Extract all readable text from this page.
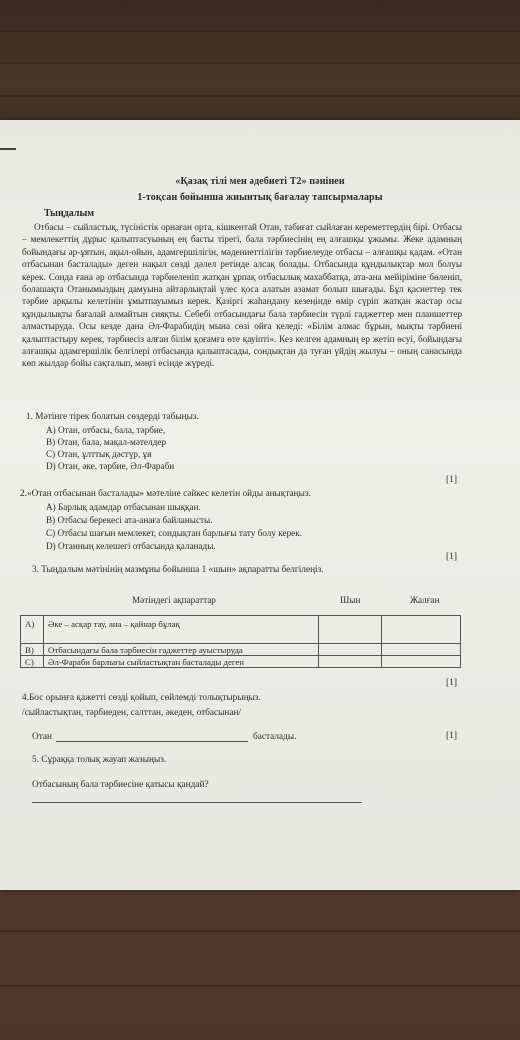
«Қазақ тілі мен әдебиеті Т2» пәнінен
1-тоқсан бойынша жиынтық бағалау тапсырмалары
Тыңдалым

Отбасы – сыйластық, түсіністік орнаған орта, кішкентай Отан, табиғат сыйлаған кереметтердің бірі. Отбасы – мемлекеттің дұрыс қалыптасуының ең басты тірегі, бала тәрбиесінің ең алғашқы ұжымы. Жеке адамның бойындағы ар-ұятын, ақыл-ойын, адамгершілігін, мәдениеттілігін тәрбиелеуде отбасы – алғашқы қадам. «Отан отбасынан басталады» деген нақыл сөзді дәлел ретінде алсақ болады. Отбасында құндылықтар мол болуы керек. Сонда ғана әр отбасында тәрбиеленіп жатқан ұрпақ отбасылық махаббатқа, ата-ана мейіріміне бөленіп, болашақта Отанымыздың дамуына айтарлықтай үлес қоса алатын азамат болып шығады. Бұл қасиеттер тек тәрбие арқылы келетінін ұмытпауымыз керек. Қазіргі жаһандану кезеңінде өмір сүріп жатқан жастар осы құндылықты бағалай алмайтын сияқты. Себебі отбасындағы бала тәрбиесін түрлі гаджеттер мен планшеттер алмастыруда. Осы кезде дана Әл-Фарабидің мына сөзі ойға келеді: «Білім алмас бұрын, мықты тәрбиені қалыптастыру керек, тәрбиесіз алған білім қоғамға өте қауіпті». Кез келген адамның ер жетіп өсуі, бойындағы алғашқы адамгершілік белгілері отбасында қалыптасады, сондықтан да туған үйдің жылуы – оның санасында көп жылдар бойы сақталып, мәңгі есінде жүреді.

1. Мәтінге тірек болатын сөздерді табыңыз.
A) Отан, отбасы, бала, тәрбие,
B) Отан, бала, мақал-мәтелдер
C) Отан, ұлттық дәстүр, ұя
D) Отан, әке, тәрбие, Әл-Фараби
[1]
2.«Отан отбасынан басталады» мәтеліне сәйкес келетін ойды анықтаңыз.
A) Барлық адамдар отбасынан шыққан.
B) Отбасы берекесі ата-анаға байланысты.
C) Отбасы шағын мемлекет, сондықтан барлығы тату болу керек.
D) Отанның келешегі отбасында қаланады.
[1]
3. Тыңдалым мәтінінің мазмұны бойынша 1 «шын» ақпаратты белгілеңіз.
Мәтіндегі ақпараттар	Шын	Жалған
A)	Әке – асқар тау, ана – қайнар бұлақ		
B)	Отбасындағы бала тәрбиесін гаджеттер ауыстыруда		
C)	Әл-Фараби барлығы сыйластықтан басталады деген		
[1]
4.Бос орынға қажетті сөзді қойып, сөйлемді толықтырыңыз.
/сыйластықтан, тәрбиеден, салттан, әкеден, отбасынан/
Отан	басталады.	[1]
5. Сұраққа толық жауап жазыңыз.
Отбасының бала тәрбиесіне қатысы қандай?
